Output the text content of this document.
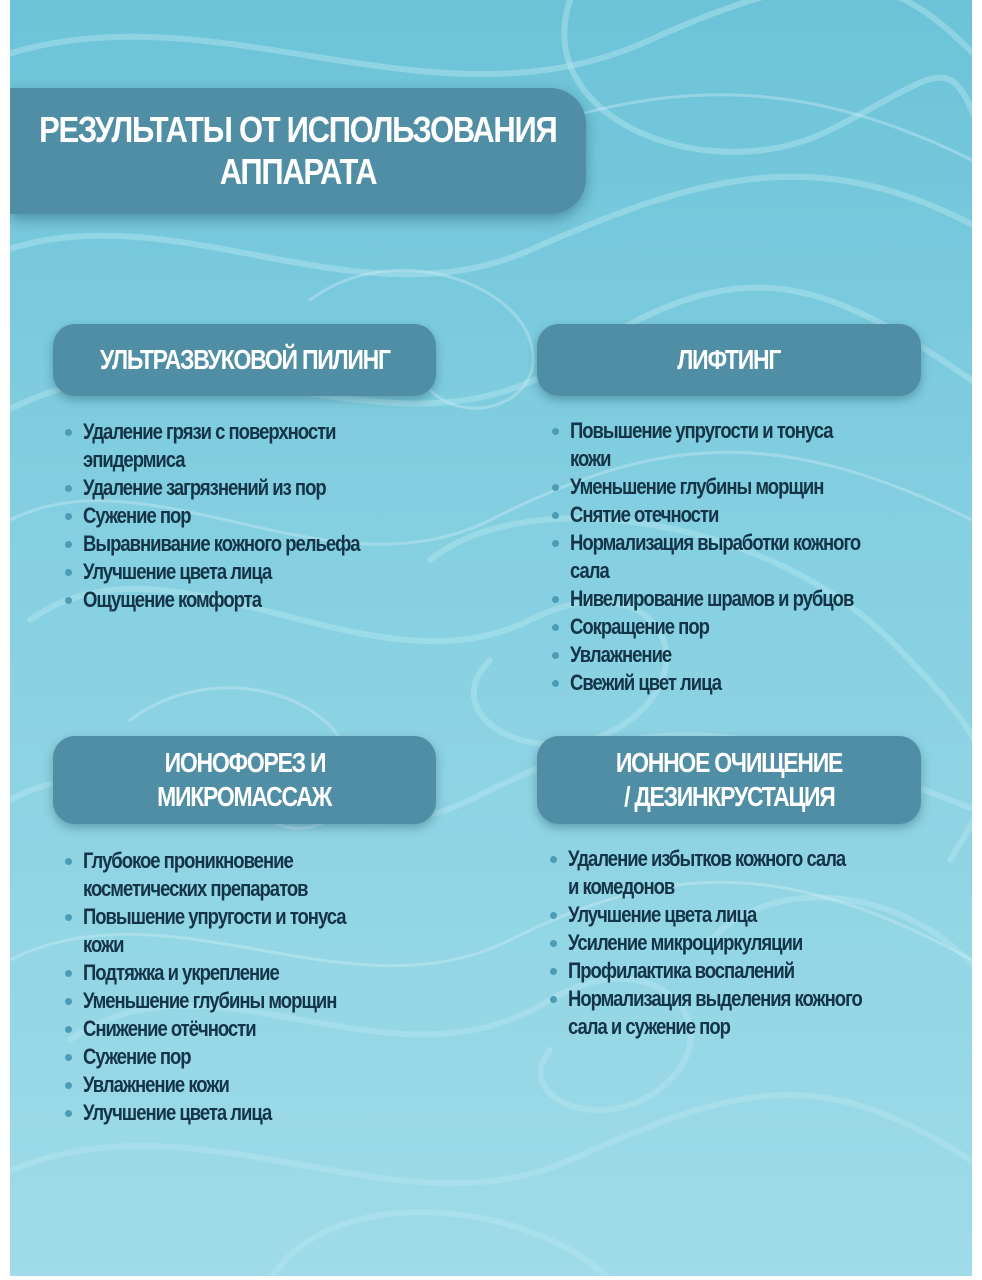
РЕЗУЛЬТАТЫ ОТ ИСПОЛЬЗОВАНИЯ
АППАРАТА
УЛЬТРАЗВУКОВОЙ ПИЛИНГ
Удаление грязи с поверхности
эпидермиса
Удаление загрязнений из пор
Сужение пор
Выравнивание кожного рельефа
Улучшение цвета лица
Ощущение комфорта
ЛИФТИНГ
Повышение упругости и тонуса
кожи
Уменьшение глубины морщин
Снятие отечности
Нормализация выработки кожного
сала
Нивелирование шрамов и рубцов
Сокращение пор
Увлажнение
Свежий цвет лица
ИОНОФОРЕЗ И
МИКРОМАССАЖ
Глубокое проникновение
косметических препаратов
Повышение упругости и тонуса
кожи
Подтяжка и укрепление
Уменьшение глубины морщин
Снижение отёчности
Сужение пор
Увлажнение кожи
Улучшение цвета лица
ИОННОЕ ОЧИЩЕНИЕ
/ ДЕЗИНКРУСТАЦИЯ
Удаление избытков кожного сала
и комедонов
Улучшение цвета лица
Усиление микроциркуляции
Профилактика воспалений
Нормализация выделения кожного
сала и сужение пор
